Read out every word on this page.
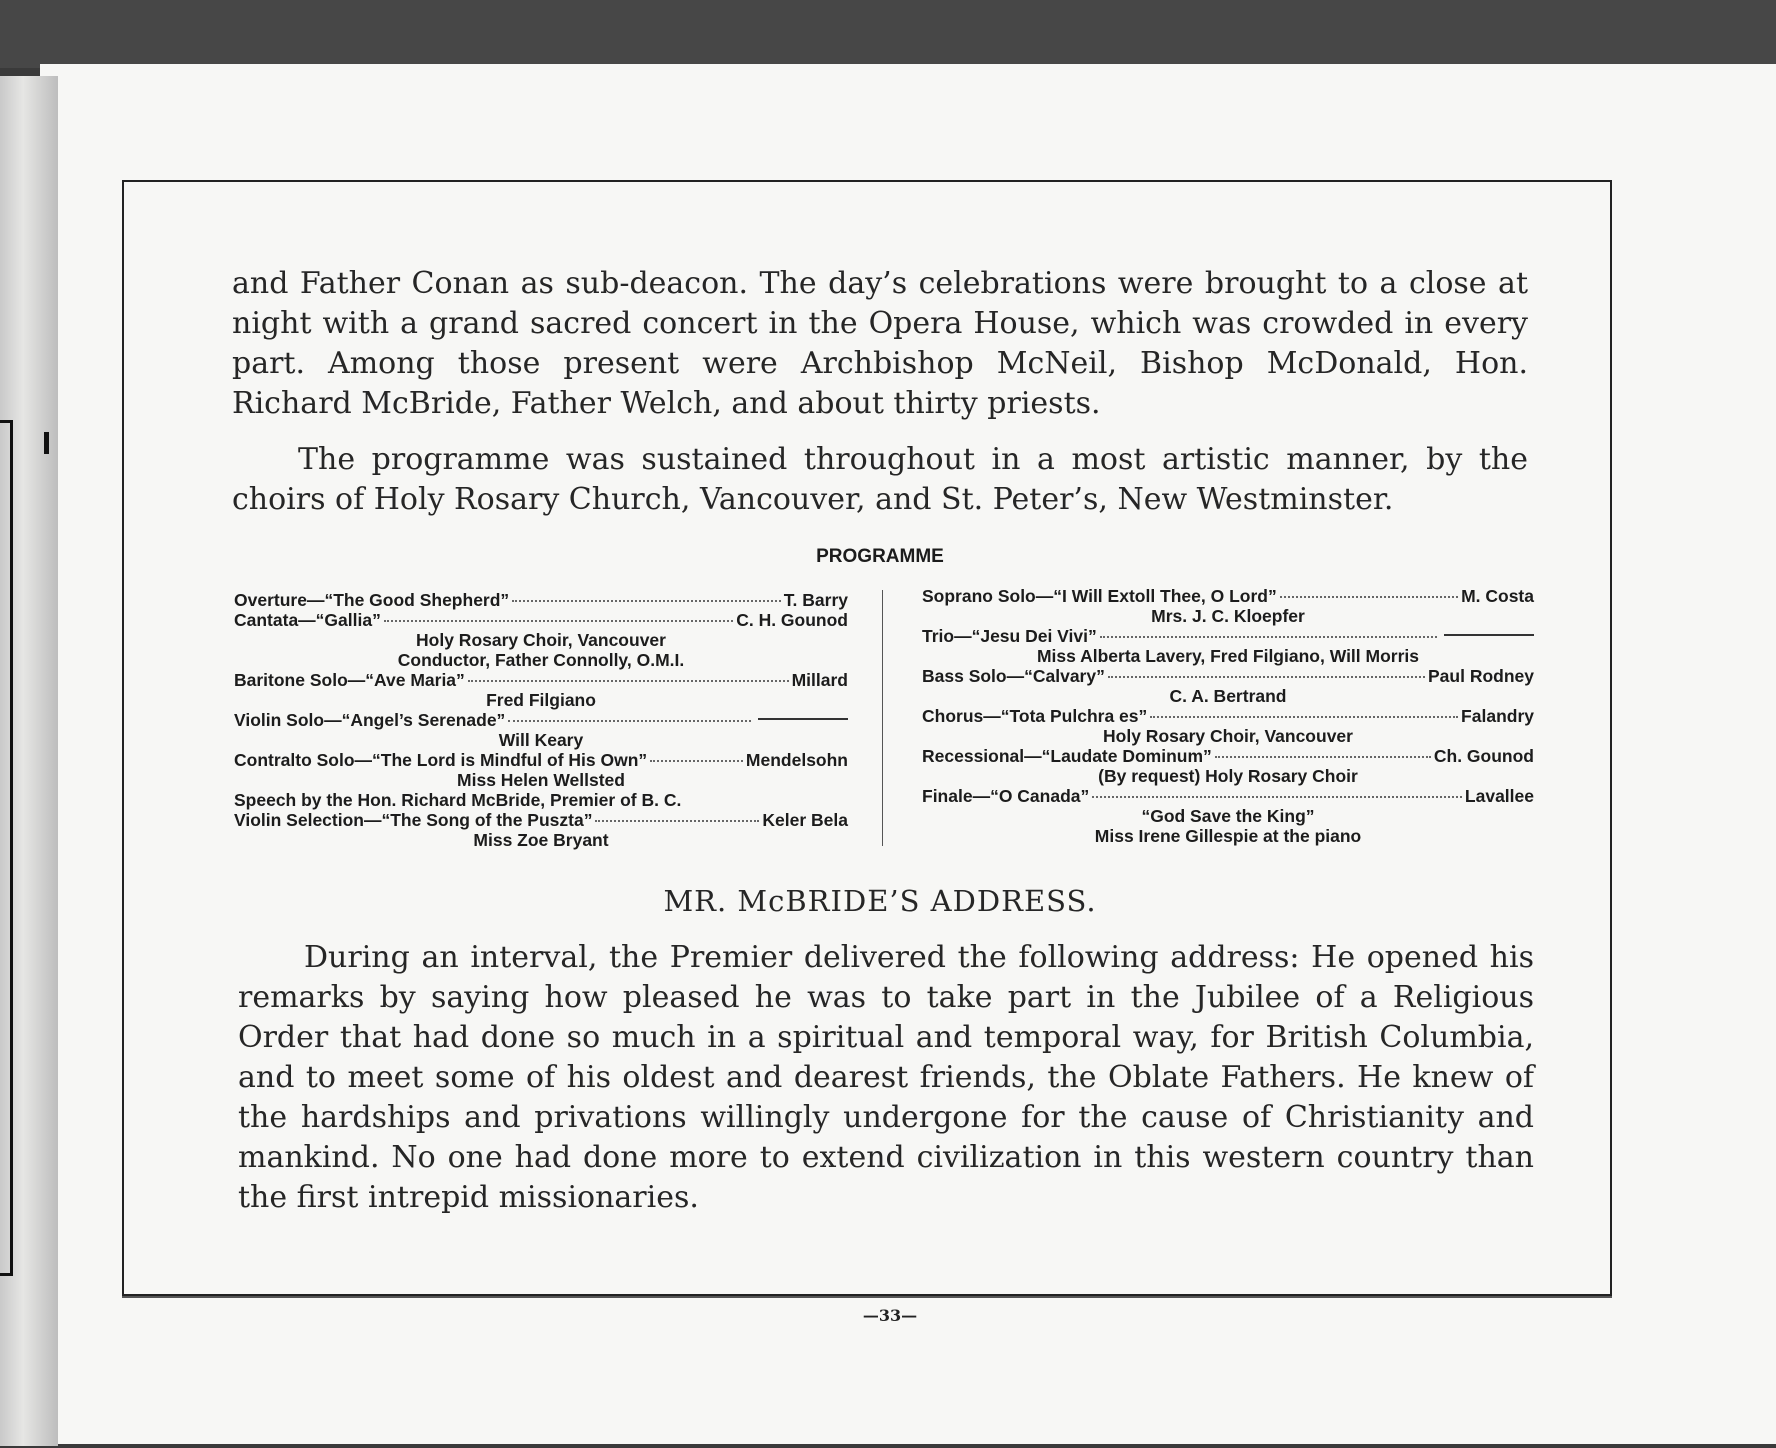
and Father Conan as sub-deacon. The day’s celebrations were brought to a close at night with a grand sacred concert in the Opera House, which was crowded in every part. Among those present were Archbishop McNeil, Bishop McDonald, Hon. Richard McBride, Father Welch, and about thirty priests.

The programme was sustained throughout in a most artistic manner, by the choirs of Holy Rosary Church, Vancouver, and St. Peter’s, New Westminster.

PROGRAMME
Overture—“The Good Shepherd”	T. Barry
Cantata—“Gallia”	C. H. Gounod
Holy Rosary Choir, Vancouver
Conductor, Father Connolly, O.M.I.
Baritone Solo—“Ave Maria”	Millard
Fred Filgiano
Violin Solo—“Angel’s Serenade”
Will Keary
Contralto Solo—“The Lord is Mindful of His Own”	Mendelsohn
Miss Helen Wellsted
Speech by the Hon. Richard McBride, Premier of B. C.
Violin Selection—“The Song of the Puszta”	Keler Bela
Miss Zoe Bryant
Soprano Solo—“I Will Extoll Thee, O Lord”	M. Costa
Mrs. J. C. Kloepfer
Trio—“Jesu Dei Vivi”
Miss Alberta Lavery, Fred Filgiano, Will Morris
Bass Solo—“Calvary”	Paul Rodney
C. A. Bertrand
Chorus—“Tota Pulchra es”	Falandry
Holy Rosary Choir, Vancouver
Recessional—“Laudate Dominum”	Ch. Gounod
(By request) Holy Rosary Choir
Finale—“O Canada”	Lavallee
“God Save the King”
Miss Irene Gillespie at the piano
MR. McBRIDE’S ADDRESS.

During an interval, the Premier delivered the following address: He opened his remarks by saying how pleased he was to take part in the Jubilee of a Religious Order that had done so much in a spiritual and temporal way, for British Columbia, and to meet some of his oldest and dearest friends, the Oblate Fathers. He knew of the hardships and privations willingly undergone for the cause of Christianity and mankind. No one had done more to extend civilization in this western country than the first intrepid missionaries.

—33—
